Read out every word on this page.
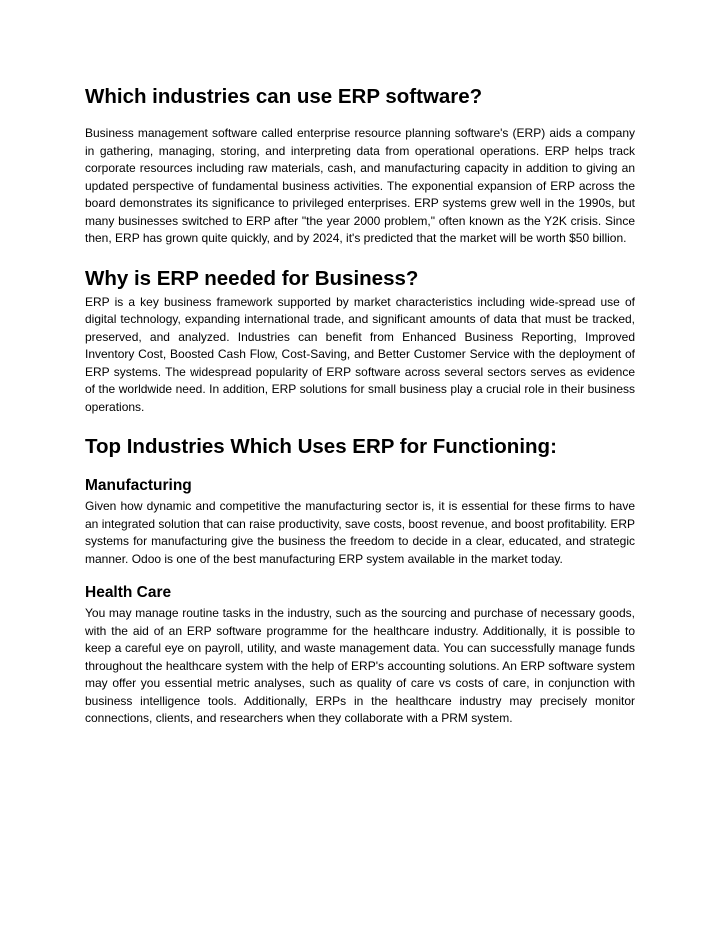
Which industries can use ERP software?

Business management software called enterprise resource planning software's (ERP) aids a company in gathering, managing, storing, and interpreting data from operational operations. ERP helps track corporate resources including raw materials, cash, and manufacturing capacity in addition to giving an updated perspective of fundamental business activities. The exponential expansion of ERP across the board demonstrates its significance to privileged enterprises. ERP systems grew well in the 1990s, but many businesses switched to ERP after "the year 2000 problem," often known as the Y2K crisis. Since then, ERP has grown quite quickly, and by 2024, it's predicted that the market will be worth $50 billion.

Why is ERP needed for Business?

ERP is a key business framework supported by market characteristics including wide-spread use of digital technology, expanding international trade, and significant amounts of data that must be tracked, preserved, and analyzed. Industries can benefit from Enhanced Business Reporting, Improved Inventory Cost, Boosted Cash Flow, Cost-Saving, and Better Customer Service with the deployment of ERP systems. The widespread popularity of ERP software across several sectors serves as evidence of the worldwide need. In addition, ERP solutions for small business play a crucial role in their business operations.

Top Industries Which Uses ERP for Functioning:
Manufacturing

Given how dynamic and competitive the manufacturing sector is, it is essential for these firms to have an integrated solution that can raise productivity, save costs, boost revenue, and boost profitability. ERP systems for manufacturing give the business the freedom to decide in a clear, educated, and strategic manner. Odoo is one of the best manufacturing ERP system available in the market today.

Health Care

You may manage routine tasks in the industry, such as the sourcing and purchase of necessary goods, with the aid of an ERP software programme for the healthcare industry. Additionally, it is possible to keep a careful eye on payroll, utility, and waste management data. You can successfully manage funds throughout the healthcare system with the help of ERP's accounting solutions. An ERP software system may offer you essential metric analyses, such as quality of care vs costs of care, in conjunction with business intelligence tools. Additionally, ERPs in the healthcare industry may precisely monitor connections, clients, and researchers when they collaborate with a PRM system.
